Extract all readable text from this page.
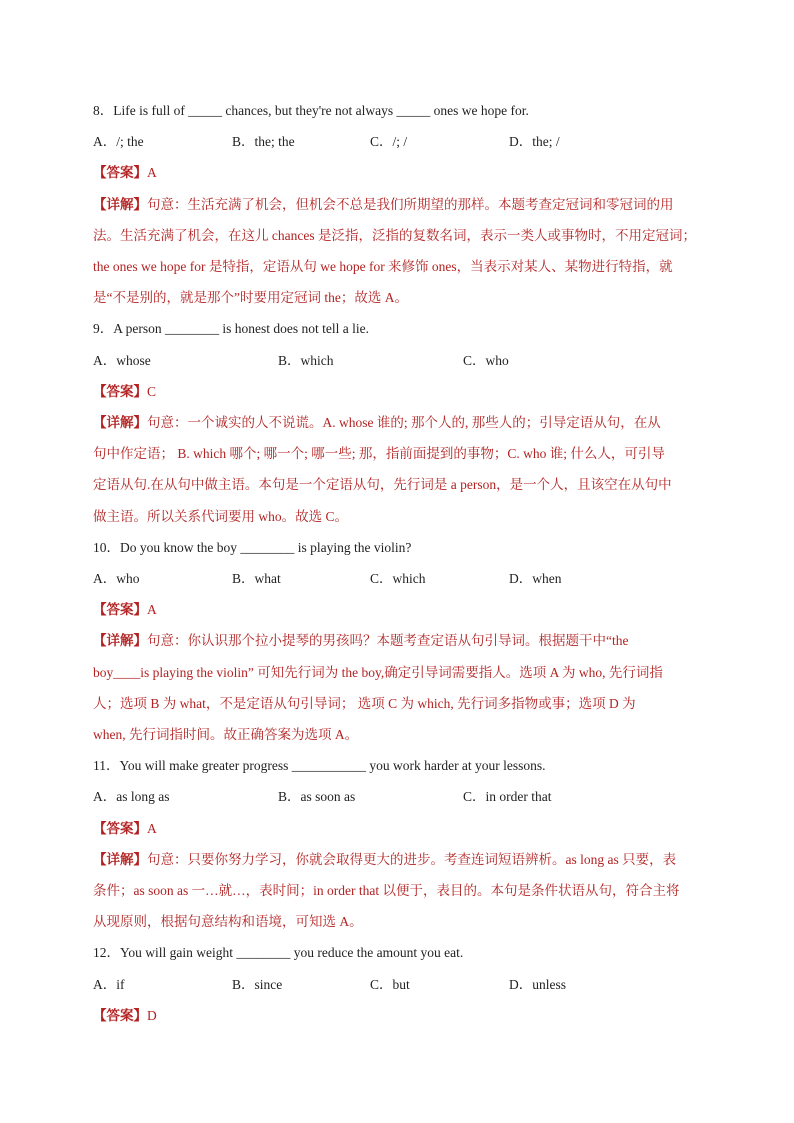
8．Life is full of _____ chances, but they're not always _____ ones we hope for.
A．/; the	B．the; the	C．/; /	D．the; /
【答案】A
【详解】句意：生活充满了机会，但机会不总是我们所期望的那样。本题考查定冠词和零冠词的用
法。生活充满了机会，在这儿 chances 是泛指，泛指的复数名词，表示一类人或事物时，不用定冠词；
the ones we hope for 是特指，定语从句 we hope for 来修饰 ones，当表示对某人、某物进行特指，就
是“不是别的，就是那个”时要用定冠词 the；故选 A。
9．A person ________ is honest does not tell a lie.
A．whose	B．which	C．who
【答案】C
【详解】句意：一个诚实的人不说谎。A. whose 谁的; 那个人的, 那些人的；引导定语从句，在从
句中作定语； B. which 哪个; 哪一个; 哪一些; 那，指前面提到的事物；C. who 谁; 什么人，可引导
定语从句.在从句中做主语。本句是一个定语从句，先行词是 a person，是一个人，且该空在从句中
做主语。所以关系代词要用 who。故选 C。
10．Do you know the boy ________ is playing the violin?
A．who	B．what	C．which	D．when
【答案】A
【详解】句意：你认识那个拉小提琴的男孩吗？本题考查定语从句引导词。根据题干中“the
boy____is playing the violin” 可知先行词为 the boy,确定引导词需要指人。选项 A 为 who, 先行词指
人；选项 B 为 what，不是定语从句引导词； 选项 C 为 which, 先行词多指物或事；选项 D 为
when, 先行词指时间。故正确答案为选项 A。
11．You will make greater progress ___________ you work harder at your lessons.
A．as long as	B．as soon as	C．in order that
【答案】A
【详解】句意：只要你努力学习，你就会取得更大的进步。考查连词短语辨析。as long as 只要，表
条件；as soon as 一…就…，表时间；in order that 以便于，表目的。本句是条件状语从句，符合主将
从现原则，根据句意结构和语境，可知选 A。
12．You will gain weight ________ you reduce the amount you eat.
A．if	B．since	C．but	D．unless
【答案】D
